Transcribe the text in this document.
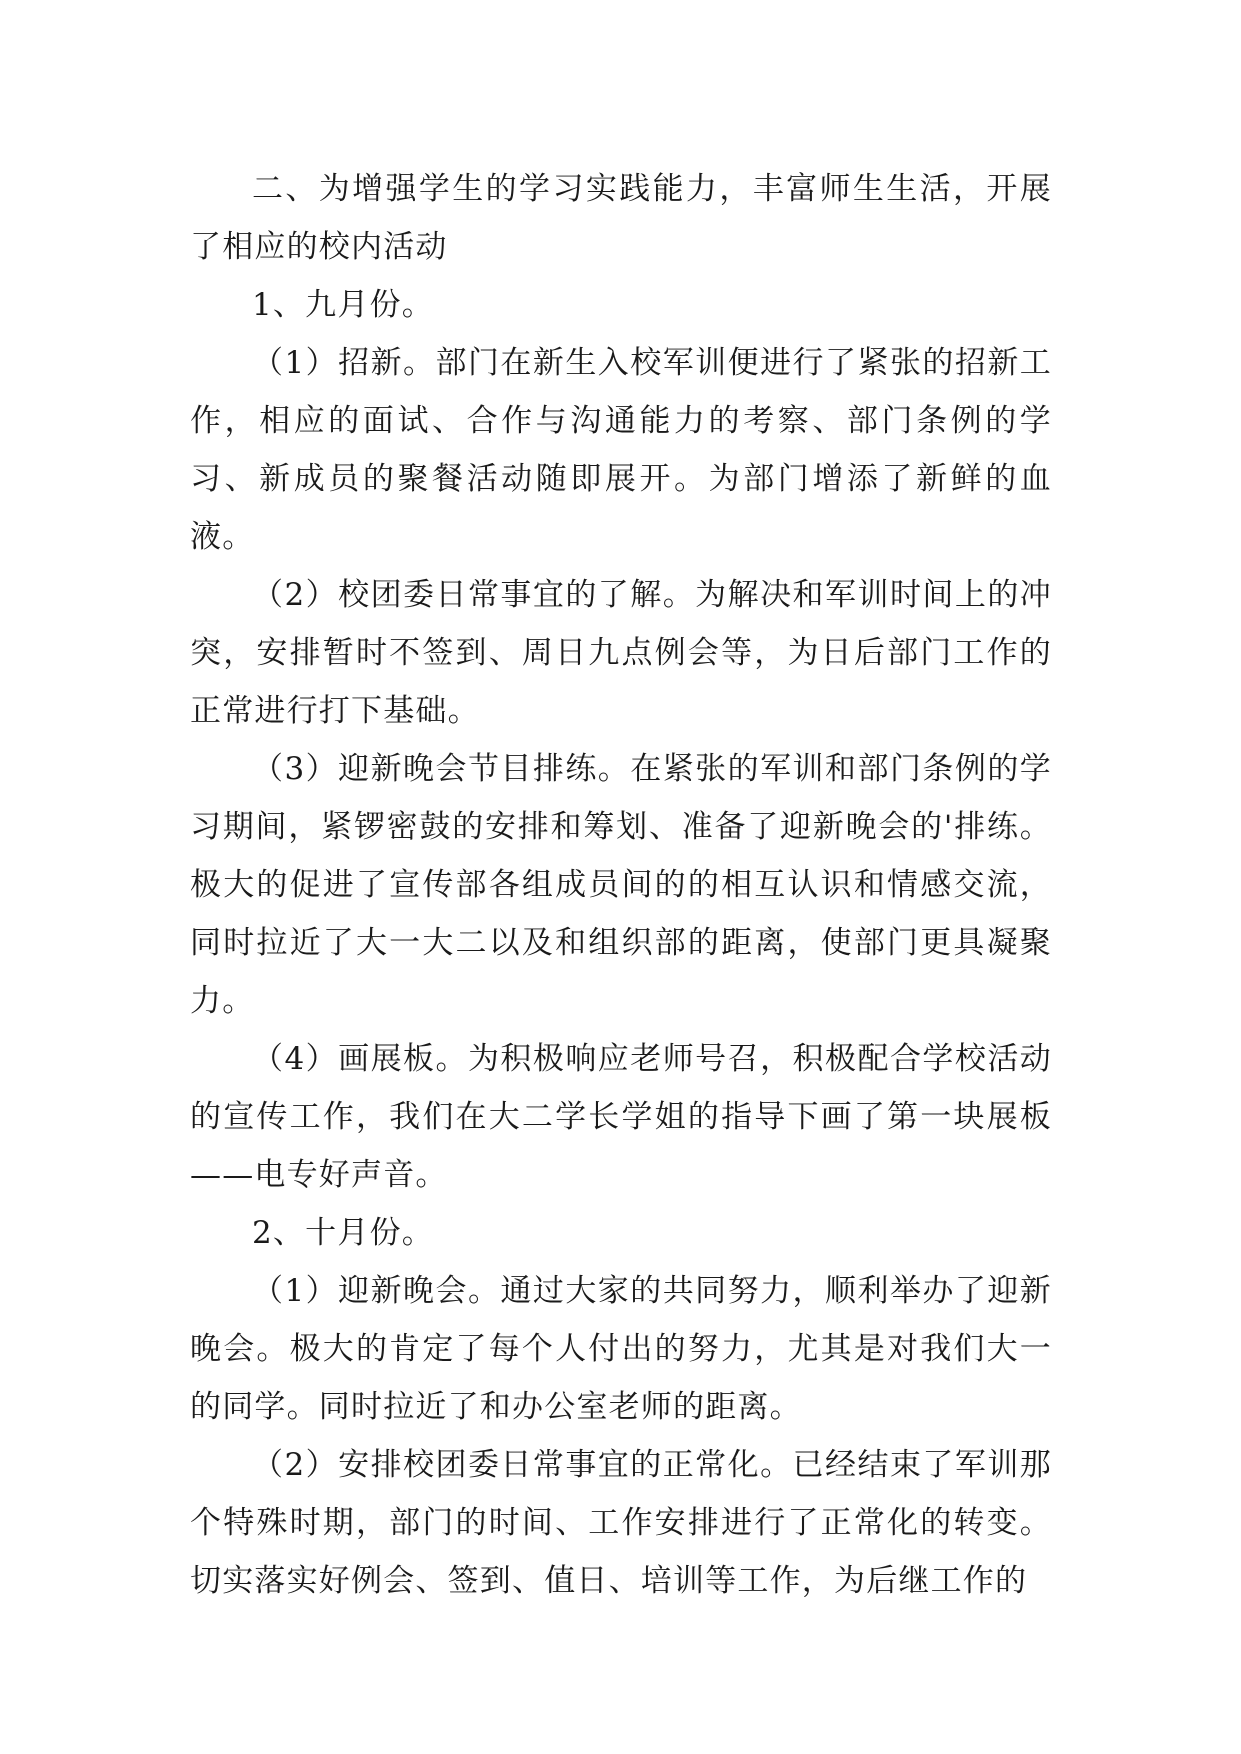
二、为增强学生的学习实践能力，丰富师生生活，开展了相应的校内活动

1、九月份。

（1）招新。部门在新生入校军训便进行了紧张的招新工作，相应的面试、合作与沟通能力的考察、部门条例的学习、新成员的聚餐活动随即展开。为部门增添了新鲜的血液。

（2）校团委日常事宜的了解。为解决和军训时间上的冲突，安排暂时不签到、周日九点例会等，为日后部门工作的正常进行打下基础。

（3）迎新晚会节目排练。在紧张的军训和部门条例的学习期间，紧锣密鼓的安排和筹划、准备了迎新晚会的'排练。极大的促进了宣传部各组成员间的的相互认识和情感交流，同时拉近了大一大二以及和组织部的距离，使部门更具凝聚力。

（4）画展板。为积极响应老师号召，积极配合学校活动的宣传工作，我们在大二学长学姐的指导下画了第一块展板——电专好声音。

2、十月份。

（1）迎新晚会。通过大家的共同努力，顺利举办了迎新晚会。极大的肯定了每个人付出的努力，尤其是对我们大一的同学。同时拉近了和办公室老师的距离。

（2）安排校团委日常事宜的正常化。已经结束了军训那个特殊时期，部门的时间、工作安排进行了正常化的转变。切实落实好例会、签到、值日、培训等工作，为后继工作的
